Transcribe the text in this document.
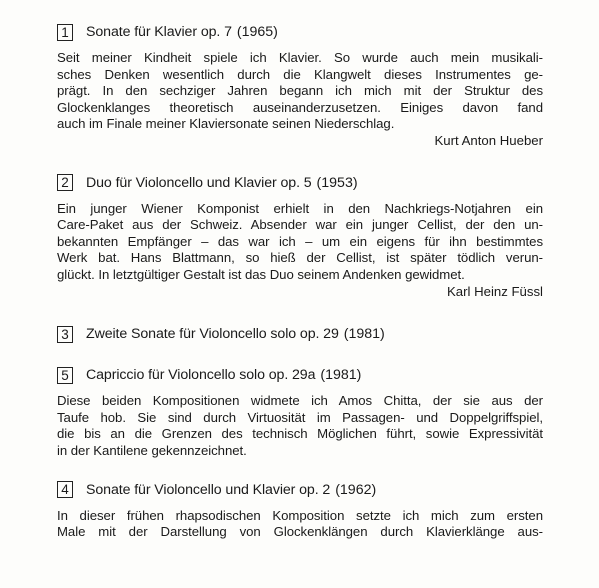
1 Sonate für Klavier op. 7 (1965)

Seit meiner Kindheit spiele ich Klavier. So wurde auch mein musikali-
sches Denken wesentlich durch die Klangwelt dieses Instrumentes ge-
prägt. In den sechziger Jahren begann ich mich mit der Struktur des
Glockenklanges theoretisch auseinanderzusetzen. Einiges davon fand
auch im Finale meiner Klaviersonate seinen Niederschlag.

Kurt Anton Hueber

2 Duo für Violoncello und Klavier op. 5 (1953)

Ein junger Wiener Komponist erhielt in den Nachkriegs-Notjahren ein
Care-Paket aus der Schweiz. Absender war ein junger Cellist, der den un-
bekannten Empfänger – das war ich – um ein eigens für ihn bestimmtes
Werk bat. Hans Blattmann, so hieß der Cellist, ist später tödlich verun-
glückt. In letztgültiger Gestalt ist das Duo seinem Andenken gewidmet.

Karl Heinz Füssl

3 Zweite Sonate für Violoncello solo op. 29 (1981)
5 Capriccio für Violoncello solo op. 29a (1981)

Diese beiden Kompositionen widmete ich Amos Chitta, der sie aus der
Taufe hob. Sie sind durch Virtuosität im Passagen- und Doppelgriffspiel,
die bis an die Grenzen des technisch Möglichen führt, sowie Expressivität
in der Kantilene gekennzeichnet.

4 Sonate für Violoncello und Klavier op. 2 (1962)

In dieser frühen rhapsodischen Komposition setzte ich mich zum ersten
Male mit der Darstellung von Glockenklängen durch Klavierklänge aus-
